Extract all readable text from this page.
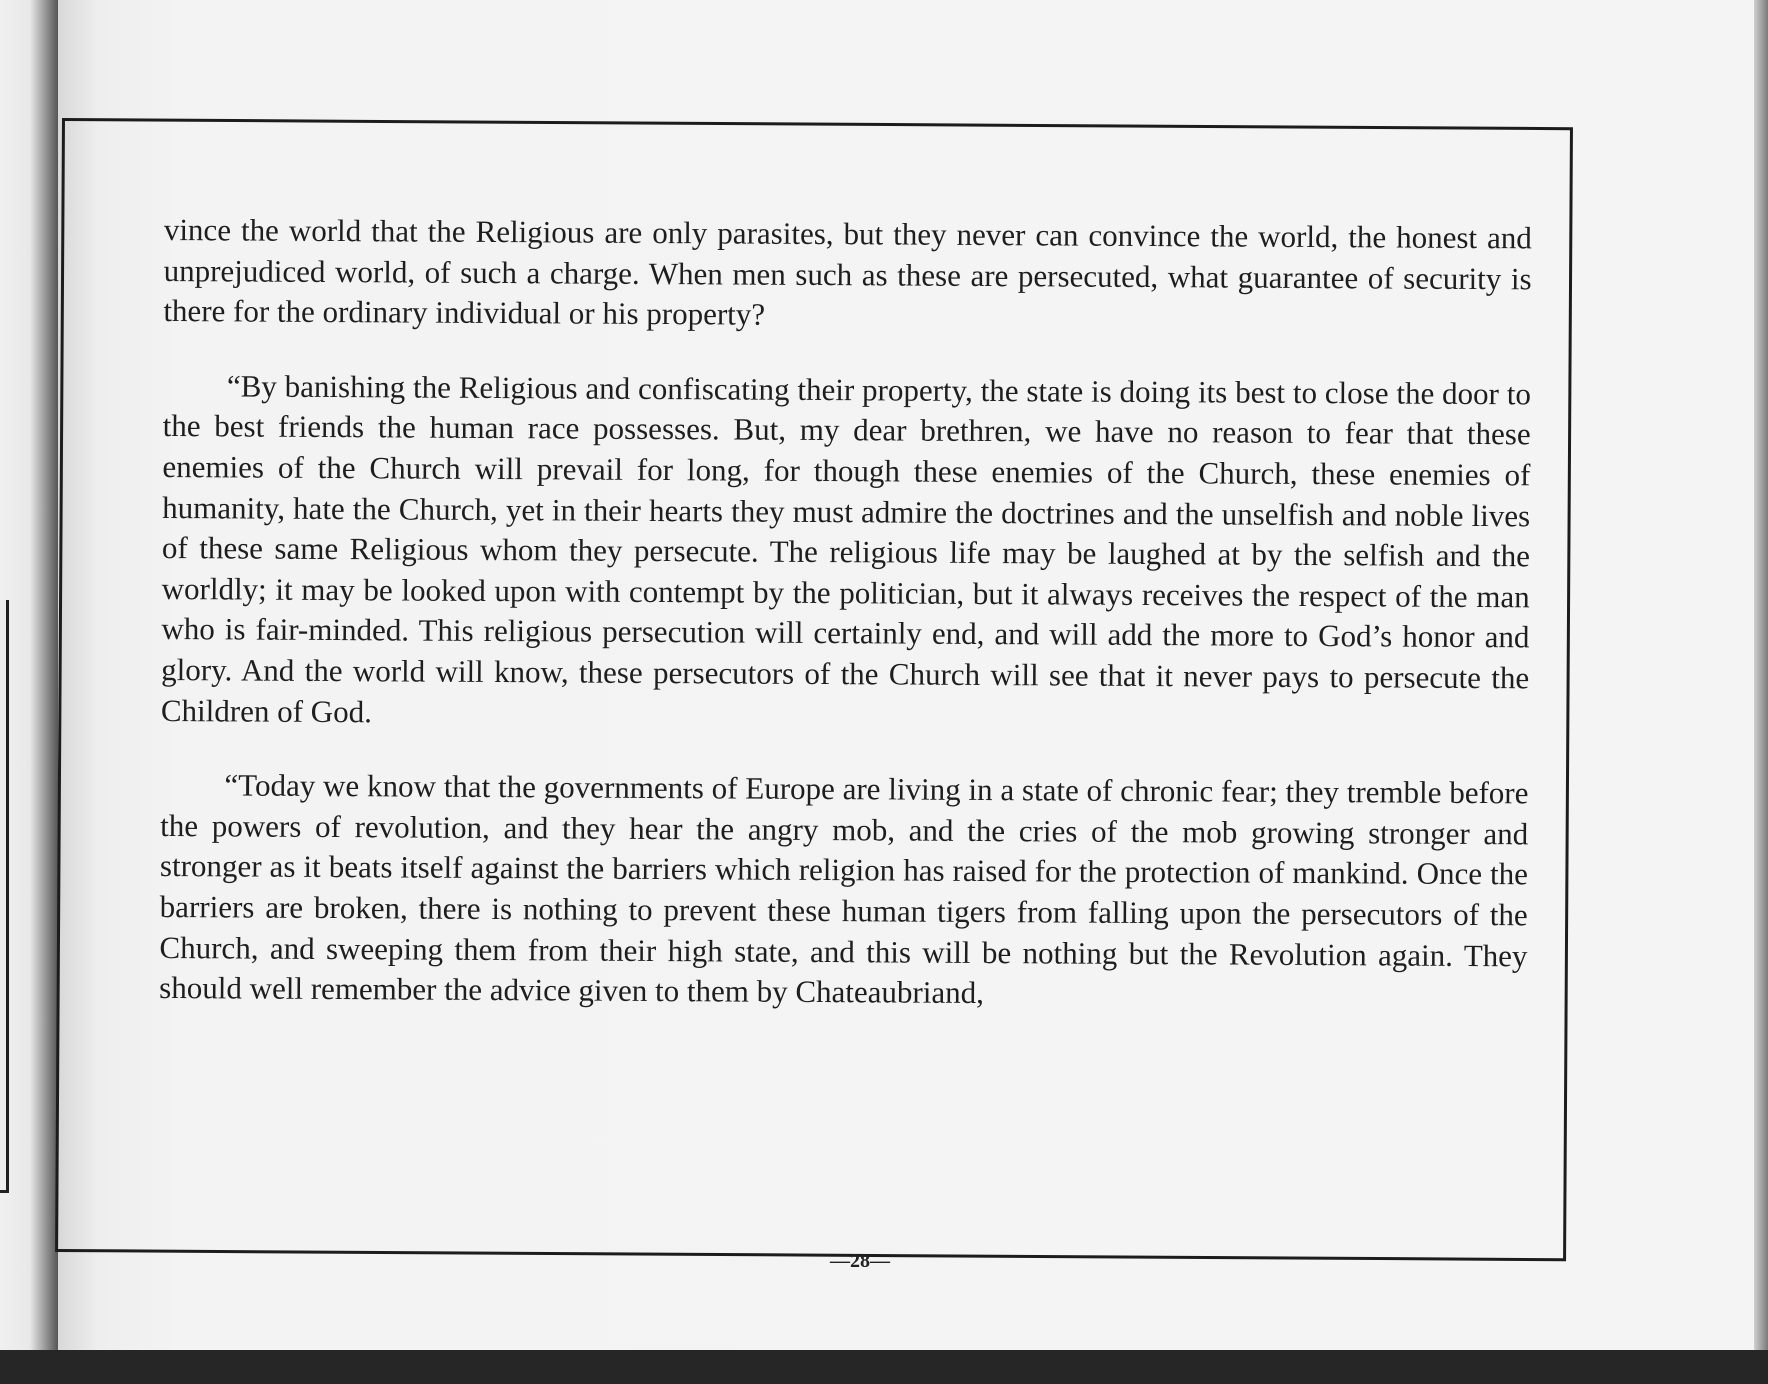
vince the world that the Religious are only parasites, but they never can convince the world, the honest and unprejudiced world, of such a charge. When men such as these are persecuted, what guarantee of security is there for the ordinary individual or his property?

“By banishing the Religious and confiscating their property, the state is doing its best to close the door to the best friends the human race possesses. But, my dear brethren, we have no reason to fear that these enemies of the Church will prevail for long, for though these enemies of the Church, these enemies of humanity, hate the Church, yet in their hearts they must admire the doctrines and the unselfish and noble lives of these same Religious whom they persecute. The religious life may be laughed at by the selfish and the worldly; it may be looked upon with contempt by the politician, but it always receives the respect of the man who is fair-minded. This religious persecution will certainly end, and will add the more to God’s honor and glory. And the world will know, these persecutors of the Church will see that it never pays to persecute the Children of God.

“Today we know that the governments of Europe are living in a state of chronic fear; they tremble before the powers of revolution, and they hear the angry mob, and the cries of the mob growing stronger and stronger as it beats itself against the barriers which religion has raised for the protection of mankind. Once the barriers are broken, there is nothing to prevent these human tigers from falling upon the persecutors of the Church, and sweeping them from their high state, and this will be nothing but the Revolution again. They should well remember the advice given to them by Chateaubriand,

—28—
